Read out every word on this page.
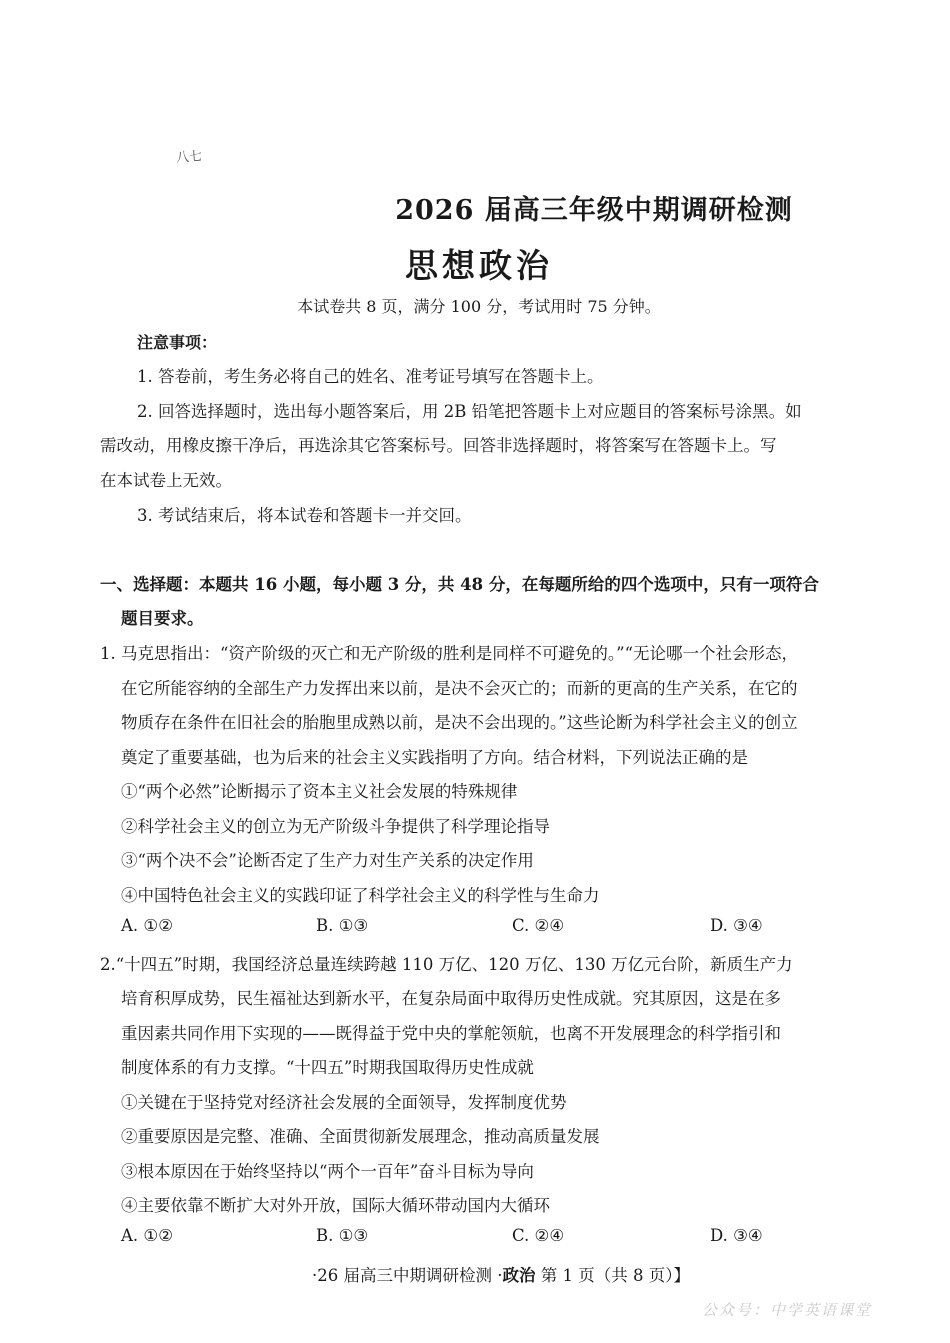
八七
2026 届高三年级中期调研检测
思想政治
本试卷共 8 页，满分 100 分，考试用时 75 分钟。
注意事项：
1. 答卷前，考生务必将自己的姓名、准考证号填写在答题卡上。
2. 回答选择题时，选出每小题答案后，用 2B 铅笔把答题卡上对应题目的答案标号涂黑。如
需改动，用橡皮擦干净后，再选涂其它答案标号。回答非选择题时，将答案写在答题卡上。写
在本试卷上无效。
3. 考试结束后，将本试卷和答题卡一并交回。
一、选择题：本题共 16 小题，每小题 3 分，共 48 分，在每题所给的四个选项中，只有一项符合
题目要求。
1. 马克思指出：“资产阶级的灭亡和无产阶级的胜利是同样不可避免的。”“无论哪一个社会形态，
在它所能容纳的全部生产力发挥出来以前，是决不会灭亡的；而新的更高的生产关系，在它的
物质存在条件在旧社会的胎胞里成熟以前，是决不会出现的。”这些论断为科学社会主义的创立
奠定了重要基础，也为后来的社会主义实践指明了方向。结合材料，下列说法正确的是
①“两个必然”论断揭示了资本主义社会发展的特殊规律
②科学社会主义的创立为无产阶级斗争提供了科学理论指导
③“两个决不会”论断否定了生产力对生产关系的决定作用
④中国特色社会主义的实践印证了科学社会主义的科学性与生命力
A. ①②	B. ①③	C. ②④	D. ③④
2.“十四五”时期，我国经济总量连续跨越 110 万亿、120 万亿、130 万亿元台阶，新质生产力
培育积厚成势，民生福祉达到新水平，在复杂局面中取得历史性成就。究其原因，这是在多
重因素共同作用下实现的——既得益于党中央的掌舵领航，也离不开发展理念的科学指引和
制度体系的有力支撑。“十四五”时期我国取得历史性成就
①关键在于坚持党对经济社会发展的全面领导，发挥制度优势
②重要原因是完整、准确、全面贯彻新发展理念，推动高质量发展
③根本原因在于始终坚持以“两个一百年”奋斗目标为导向
④主要依靠不断扩大对外开放，国际大循环带动国内大循环
A. ①②	B. ①③	C. ②④	D. ③④
·26 届高三中期调研检测 ·政治 第 1 页（共 8 页）】
公众号：中学英语课堂
